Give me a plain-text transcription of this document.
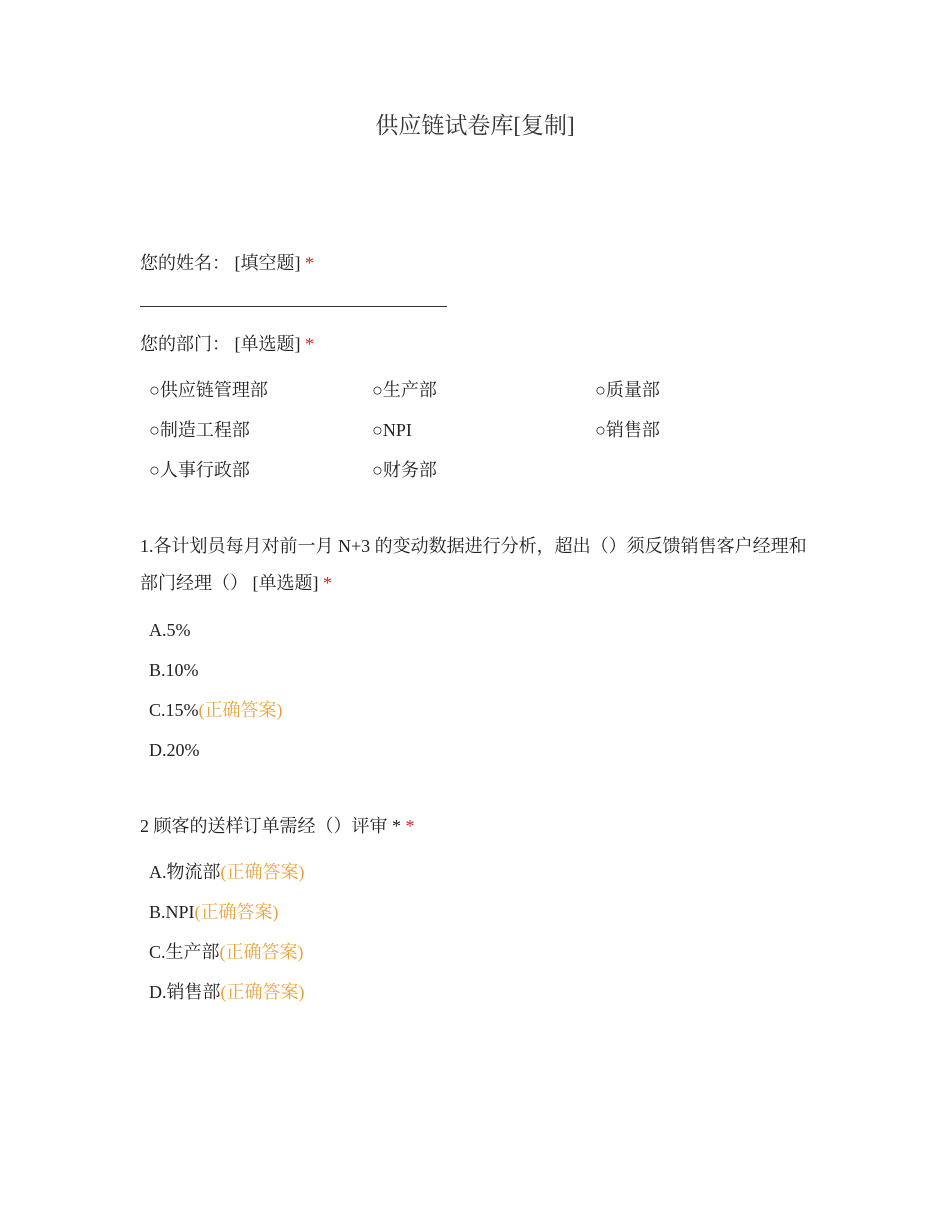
供应链试卷库[复制]
您的姓名： [填空题] *
您的部门： [单选题] *
○供应链管理部	○生产部	○质量部
○制造工程部	○NPI	○销售部
○人事行政部	○财务部
1.各计划员每月对前一月 N+3 的变动数据进行分析，超出（）须反馈销售客户经理和部门经理（） [单选题] *
A.5%
B.10%
C.15%(正确答案)
D.20%
2 顾客的送样订单需经（）评审 * *
A.物流部(正确答案)
B.NPI(正确答案)
C.生产部(正确答案)
D.销售部(正确答案)
